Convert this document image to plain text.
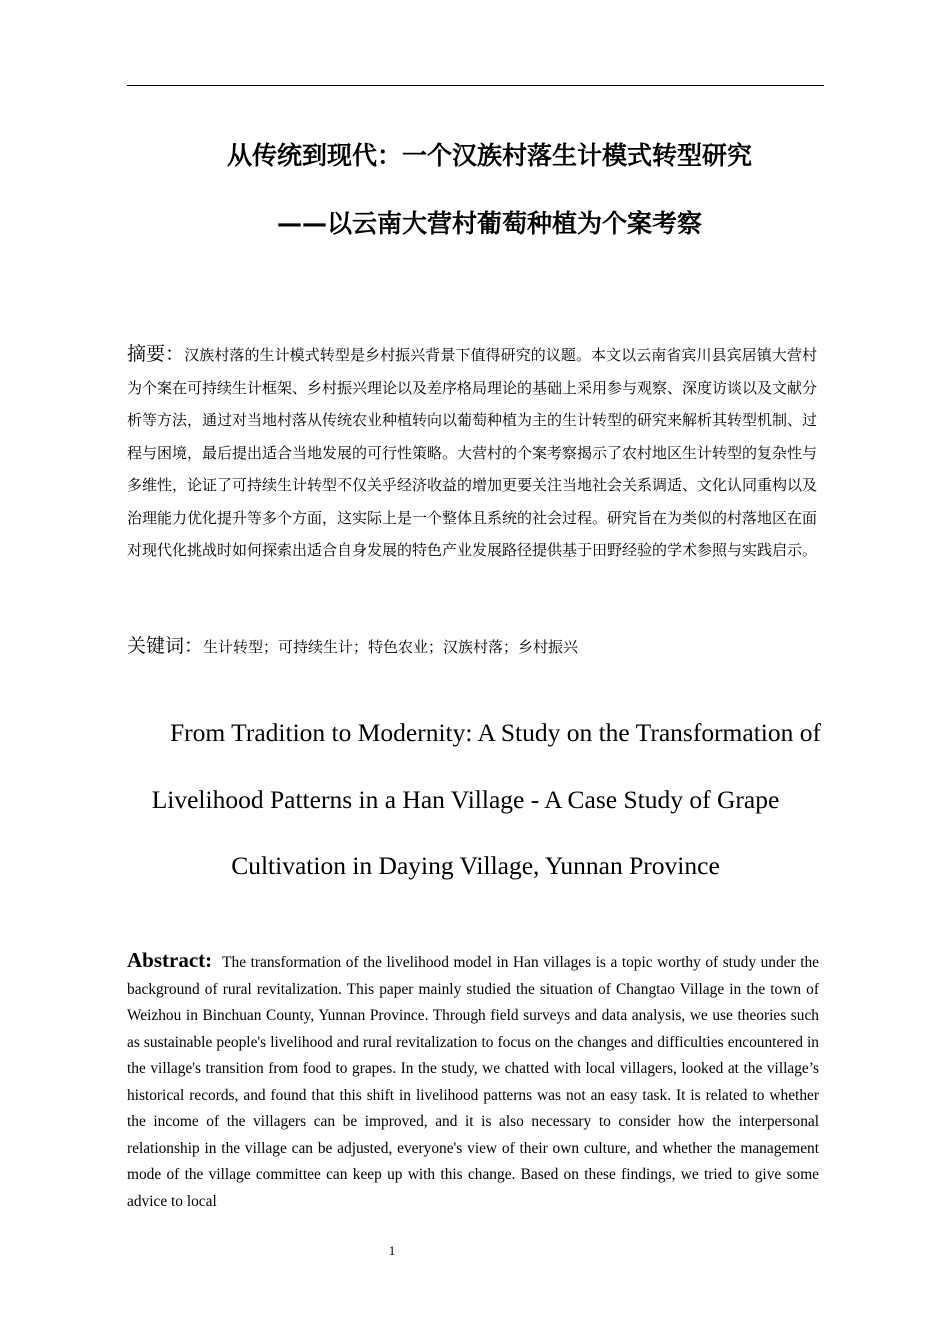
从传统到现代：一个汉族村落生计模式转型研究
——以云南大营村葡萄种植为个案考察
摘要：汉族村落的生计模式转型是乡村振兴背景下值得研究的议题。本文以云南省宾川县宾居镇大营村为个案在可持续生计框架、乡村振兴理论以及差序格局理论的基础上采用参与观察、深度访谈以及文献分析等方法，通过对当地村落从传统农业种植转向以葡萄种植为主的生计转型的研究来解析其转型机制、过程与困境，最后提出适合当地发展的可行性策略。大营村的个案考察揭示了农村地区生计转型的复杂性与多维性，论证了可持续生计转型不仅关乎经济收益的增加更要关注当地社会关系调适、文化认同重构以及治理能力优化提升等多个方面，这实际上是一个整体且系统的社会过程。研究旨在为类似的村落地区在面对现代化挑战时如何探索出适合自身发展的特色产业发展路径提供基于田野经验的学术参照与实践启示。
关键词：生计转型；可持续生计；特色农业；汉族村落；乡村振兴
From Tradition to Modernity: A Study on the Transformation of
Livelihood Patterns in a Han Village - A Case Study of Grape
Cultivation in Daying Village, Yunnan Province
Abstract: The transformation of the livelihood model in Han villages is a topic worthy of study under the background of rural revitalization. This paper mainly studied the situation of Changtao Village in the town of Weizhou in Binchuan County, Yunnan Province. Through field surveys and data analysis, we use theories such as sustainable people's livelihood and rural revitalization to focus on the changes and difficulties encountered in the village's transition from food to grapes. In the study, we chatted with local villagers, looked at the village’s historical records, and found that this shift in livelihood patterns was not an easy task. It is related to whether the income of the villagers can be improved, and it is also necessary to consider how the interpersonal relationship in the village can be adjusted, everyone's view of their own culture, and whether the management mode of the village committee can keep up with this change. Based on these findings, we tried to give some advice to local
1
